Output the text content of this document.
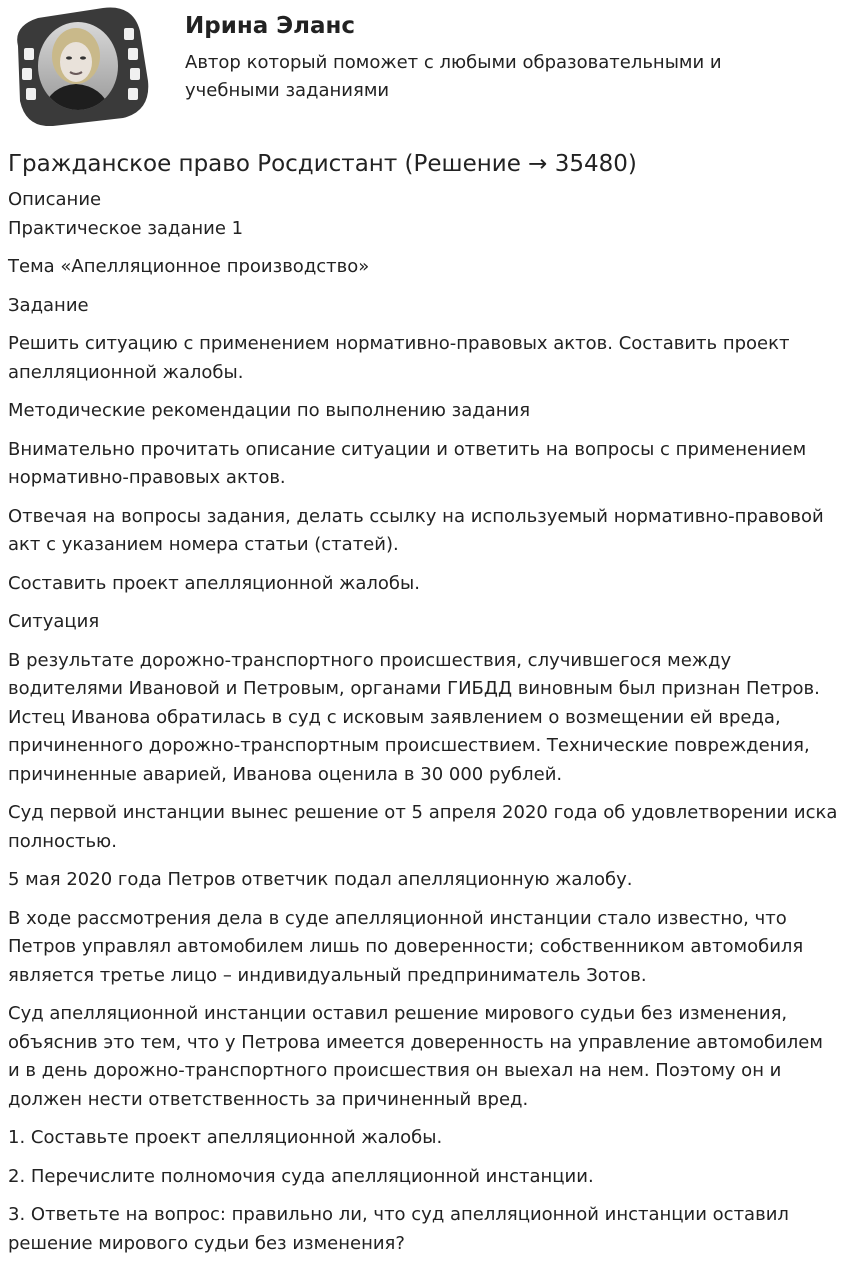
Ирина Эланс
Автор который поможет с любыми образовательными и учебными заданиями
Гражданское право Росдистант (Решение → 35480)
Описание

Практическое задание 1

Тема «Апелляционное производство»

Задание

Решить ситуацию с применением нормативно-правовых актов. Составить проект апелляционной жалобы.

Методические рекомендации по выполнению задания

Внимательно прочитать описание ситуации и ответить на вопросы с применением нормативно-правовых актов.

Отвечая на вопросы задания, делать ссылку на используемый нормативно-правовой акт с указанием номера статьи (статей).

Составить проект апелляционной жалобы.

Ситуация

В результате дорожно-транспортного происшествия, случившегося между водителями Ивановой и Петровым, органами ГИБДД виновным был признан Петров. Истец Иванова обратилась в суд с исковым заявлением о возмещении ей вреда, причиненного дорожно-транспортным происшествием. Технические повреждения, причиненные аварией, Иванова оценила в 30 000 рублей.

Суд первой инстанции вынес решение от 5 апреля 2020 года об удовлетворении иска полностью.

5 мая 2020 года Петров ответчик подал апелляционную жалобу.

В ходе рассмотрения дела в суде апелляционной инстанции стало известно, что Петров управлял автомобилем лишь по доверенности; собственником автомобиля является третье лицо – индивидуальный предприниматель Зотов.

Суд апелляционной инстанции оставил решение мирового судьи без изменения, объяснив это тем, что у Петрова имеется доверенность на управление автомобилем и в день дорожно-транспортного происшествия он выехал на нем. Поэтому он и должен нести ответственность за причиненный вред.

1. Составьте проект апелляционной жалобы.

2. Перечислите полномочия суда апелляционной инстанции.

3. Ответьте на вопрос: правильно ли, что суд апелляционной инстанции оставил решение мирового судьи без изменения?
